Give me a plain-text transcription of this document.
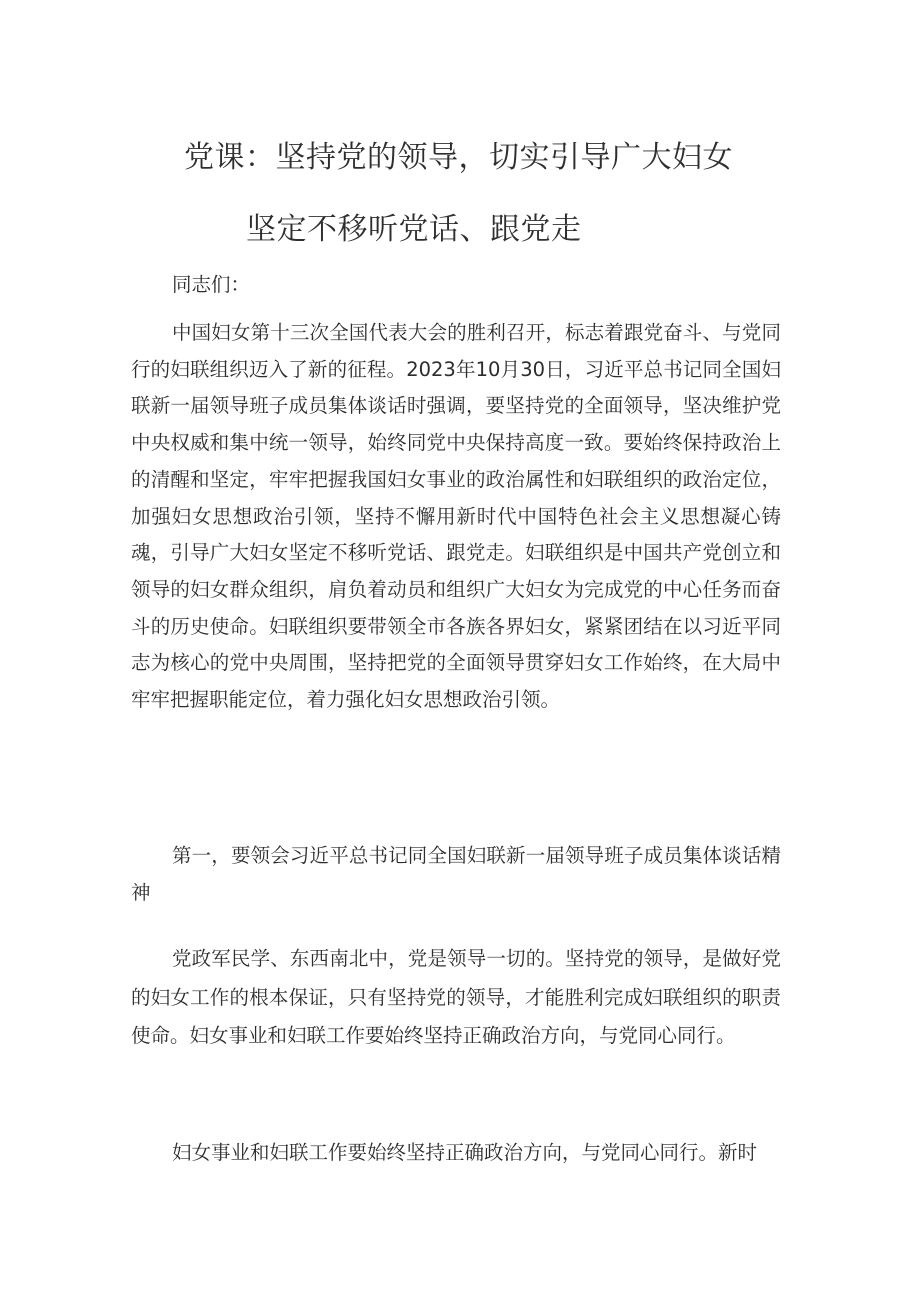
党课：坚持党的领导，切实引导广大妇女
坚定不移听党话、跟党走

同志们：

中国妇女第十三次全国代表大会的胜利召开，标志着跟党奋斗、与党同行的妇联组织迈入了新的征程。2023年10月30日，习近平总书记同全国妇联新一届领导班子成员集体谈话时强调，要坚持党的全面领导，坚决维护党中央权威和集中统一领导，始终同党中央保持高度一致。要始终保持政治上的清醒和坚定，牢牢把握我国妇女事业的政治属性和妇联组织的政治定位，加强妇女思想政治引领，坚持不懈用新时代中国特色社会主义思想凝心铸魂，引导广大妇女坚定不移听党话、跟党走。妇联组织是中国共产党创立和领导的妇女群众组织，肩负着动员和组织广大妇女为完成党的中心任务而奋斗的历史使命。妇联组织要带领全市各族各界妇女，紧紧团结在以习近平同志为核心的党中央周围，坚持把党的全面领导贯穿妇女工作始终，在大局中牢牢把握职能定位，着力强化妇女思想政治引领。

第一，要领会习近平总书记同全国妇联新一届领导班子成员集体谈话精神

党政军民学、东西南北中，党是领导一切的。坚持党的领导，是做好党的妇女工作的根本保证，只有坚持党的领导，才能胜利完成妇联组织的职责使命。妇女事业和妇联工作要始终坚持正确政治方向，与党同心同行。

妇女事业和妇联工作要始终坚持正确政治方向，与党同心同行。新时
